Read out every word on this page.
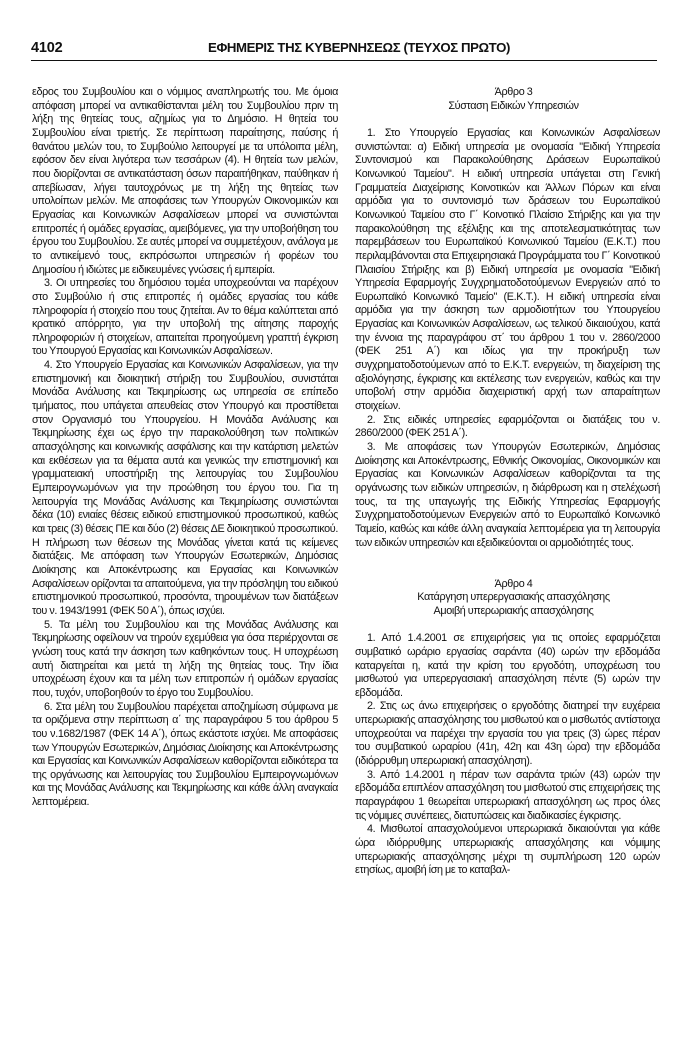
4102	ΕΦΗΜΕΡΙΣ ΤΗΣ ΚΥΒΕΡΝΗΣΕΩΣ (ΤΕΥΧΟΣ ΠΡΩΤΟ)

εδρος του Συμβουλίου και ο νόμιμος αναπληρωτής του. Με όμοια απόφαση μπορεί να αντικαθίστανται μέλη του Συμβουλίου πριν τη λήξη της θητείας τους, αζημίως για το Δημόσιο. Η θητεία του Συμβουλίου είναι τριετής. Σε περίπτωση παραίτησης, παύσης ή θανάτου μελών του, το Συμβούλιο λειτουργεί με τα υπόλοιπα μέλη, εφόσον δεν είναι λιγότερα των τεσσάρων (4). Η θητεία των μελών, που διορίζονται σε αντικατάσταση όσων παραιτήθηκαν, παύθηκαν ή απεβίωσαν, λήγει ταυτοχρόνως με τη λήξη της θητείας των υπολοίπων μελών. Με αποφάσεις των Υπουργών Οικονομικών και Εργασίας και Κοινωνικών Ασφαλίσεων μπορεί να συνιστώνται επιτροπές ή ομάδες εργασίας, αμειβόμενες, για την υποβοήθηση του έργου του Συμβουλίου. Σε αυτές μπορεί να συμμετέχουν, ανάλογα με το αντικείμενό τους, εκπρόσωποι υπηρεσιών ή φορέων του Δημοσίου ή ιδιώτες με ειδικευμένες γνώσεις ή εμπειρία.

3. Οι υπηρεσίες του δημόσιου τομέα υποχρεούνται να παρέχουν στο Συμβούλιο ή στις επιτροπές ή ομάδες εργασίας του κάθε πληροφορία ή στοιχείο που τους ζητείται. Αν το θέμα καλύπτεται από κρατικό απόρρητο, για την υποβολή της αίτησης παροχής πληροφοριών ή στοιχείων, απαιτείται προηγούμενη γραπτή έγκριση του Υπουργού Εργασίας και Κοινωνικών Ασφαλίσεων.

4. Στο Υπουργείο Εργασίας και Κοινωνικών Ασφαλίσεων, για την επιστημονική και διοικητική στήριξη του Συμβουλίου, συνιστάται Μονάδα Ανάλυσης και Τεκμηρίωσης ως υπηρεσία σε επίπεδο τμήματος, που υπάγεται απευθείας στον Υπουργό και προστίθεται στον Οργανισμό του Υπουργείου. Η Μονάδα Ανάλυσης και Τεκμηρίωσης έχει ως έργο την παρακολούθηση των πολιτικών απασχόλησης και κοινωνικής ασφάλισης και την κατάρτιση μελετών και εκθέσεων για τα θέματα αυτά και γενικώς την επιστημονική και γραμματειακή υποστήριξη της λειτουργίας του Συμβουλίου Εμπειρογνωμόνων για την προώθηση του έργου του. Για τη λειτουργία της Μονάδας Ανάλυσης και Τεκμηρίωσης συνιστώνται δέκα (10) ενιαίες θέσεις ειδικού επιστημονικού προσωπικού, καθώς και τρεις (3) θέσεις ΠΕ και δύο (2) θέσεις ΔΕ διοικητικού προσωπικού. Η πλήρωση των θέσεων της Μονάδας γίνεται κατά τις κείμενες διατάξεις. Με απόφαση των Υπουργών Εσωτερικών, Δημόσιας Διοίκησης και Αποκέντρωσης και Εργασίας και Κοινωνικών Ασφαλίσεων ορίζονται τα απαιτούμενα, για την πρόσληψη του ειδικού επιστημονικού προσωπικού, προσόντα, τηρουμένων των διατάξεων του ν. 1943/1991 (ΦΕΚ 50 Α΄), όπως ισχύει.

5. Τα μέλη του Συμβουλίου και της Μονάδας Ανάλυσης και Τεκμηρίωσης οφείλουν να τηρούν εχεμύθεια για όσα περιέρχονται σε γνώση τους κατά την άσκηση των καθηκόντων τους. Η υποχρέωση αυτή διατηρείται και μετά τη λήξη της θητείας τους. Την ίδια υποχρέωση έχουν και τα μέλη των επιτροπών ή ομάδων εργασίας που, τυχόν, υποβοηθούν το έργο του Συμβουλίου.

6. Στα μέλη του Συμβουλίου παρέχεται αποζημίωση σύμφωνα με τα οριζόμενα στην περίπτωση α΄ της παραγράφου 5 του άρθρου 5 του ν.1682/1987 (ΦΕΚ 14 Α΄), όπως εκάστοτε ισχύει. Με αποφάσεις των Υπουργών Εσωτερικών, Δημόσιας Διοίκησης και Αποκέντρωσης και Εργασίας και Κοινωνικών Ασφαλίσεων καθορίζονται ειδικότερα τα της οργάνωσης και λειτουργίας του Συμβουλίου Εμπειρογνωμόνων και της Μονάδας Ανάλυσης και Τεκμηρίωσης και κάθε άλλη αναγκαία λεπτομέρεια.

Άρθρο 3

Σύσταση Ειδικών Υπηρεσιών

1. Στο Υπουργείο Εργασίας και Κοινωνικών Ασφαλίσεων συνιστώνται: α) Ειδική υπηρεσία με ονομασία "Ειδική Υπηρεσία Συντονισμού και Παρακολούθησης Δράσεων Ευρωπαϊκού Κοινωνικού Ταμείου". Η ειδική υπηρεσία υπάγεται στη Γενική Γραμματεία Διαχείρισης Κοινοτικών και Άλλων Πόρων και είναι αρμόδια για το συντονισμό των δράσεων του Ευρωπαϊκού Κοινωνικού Ταμείου στο Γ΄ Κοινοτικό Πλαίσιο Στήριξης και για την παρακολούθηση της εξέλιξης και της αποτελεσματικότητας των παρεμβάσεων του Ευρωπαϊκού Κοινωνικού Ταμείου (Ε.Κ.Τ.) που περιλαμβάνονται στα Επιχειρησιακά Προγράμματα του Γ΄ Κοινοτικού Πλαισίου Στήριξης και β) Ειδική υπηρεσία με ονομασία "Ειδική Υπηρεσία Εφαρμογής Συγχρηματοδοτούμενων Ενεργειών από το Ευρωπαϊκό Κοινωνικό Ταμείο" (Ε.Κ.Τ.). Η ειδική υπηρεσία είναι αρμόδια για την άσκηση των αρμοδιοτήτων του Υπουργείου Εργασίας και Κοινωνικών Ασφαλίσεων, ως τελικού δικαιούχου, κατά την έννοια της παραγράφου στ΄ του άρθρου 1 του ν. 2860/2000 (ΦΕΚ 251 Α΄) και ιδίως για την προκήρυξη των συγχρηματοδοτούμενων από το Ε.Κ.Τ. ενεργειών, τη διαχείριση της αξιολόγησης, έγκρισης και εκτέλεσης των ενεργειών, καθώς και την υποβολή στην αρμόδια διαχειριστική αρχή των απαραίτητων στοιχείων.

2. Στις ειδικές υπηρεσίες εφαρμόζονται οι διατάξεις του ν. 2860/2000 (ΦΕΚ 251 Α΄).

3. Με αποφάσεις των Υπουργών Εσωτερικών, Δημόσιας Διοίκησης και Αποκέντρωσης, Εθνικής Οικονομίας, Οικονομικών και Εργασίας και Κοινωνικών Ασφαλίσεων καθορίζονται τα της οργάνωσης των ειδικών υπηρεσιών, η διάρθρωση και η στελέχωσή τους, τα της υπαγωγής της Ειδικής Υπηρεσίας Εφαρμογής Συγχρηματοδοτούμενων Ενεργειών από το Ευρωπαϊκό Κοινωνικό Ταμείο, καθώς και κάθε άλλη αναγκαία λεπτομέρεια για τη λειτουργία των ειδικών υπηρεσιών και εξειδικεύονται οι αρμοδιότητές τους.

Άρθρο 4

Κατάργηση υπερεργασιακής απασχόλησης

Αμοιβή υπερωριακής απασχόλησης

1. Από 1.4.2001 σε επιχειρήσεις για τις οποίες εφαρμόζεται συμβατικό ωράριο εργασίας σαράντα (40) ωρών την εβδομάδα καταργείται η, κατά την κρίση του εργοδότη, υποχρέωση του μισθωτού για υπερεργασιακή απασχόληση πέντε (5) ωρών την εβδομάδα.

2. Στις ως άνω επιχειρήσεις ο εργοδότης διατηρεί την ευχέρεια υπερωριακής απασχόλησης του μισθωτού και ο μισθωτός αντίστοιχα υποχρεούται να παρέχει την εργασία του για τρεις (3) ώρες πέραν του συμβατικού ωραρίου (41η, 42η και 43η ώρα) την εβδομάδα (ιδιόρρυθμη υπερωριακή απασχόληση).

3. Από 1.4.2001 η πέραν των σαράντα τριών (43) ωρών την εβδομάδα επιπλέον απασχόληση του μισθωτού στις επιχειρήσεις της παραγράφου 1 θεωρείται υπερωριακή απασχόληση ως προς όλες τις νόμιμες συνέπειες, διατυπώσεις και διαδικασίες έγκρισης.

4. Μισθωτοί απασχολούμενοι υπερωριακά δικαιούνται για κάθε ώρα ιδιόρρυθμης υπερωριακής απασχόλησης και νόμιμης υπερωριακής απασχόλησης μέχρι τη συμπλήρωση 120 ωρών ετησίως, αμοιβή ίση με το καταβαλ-
